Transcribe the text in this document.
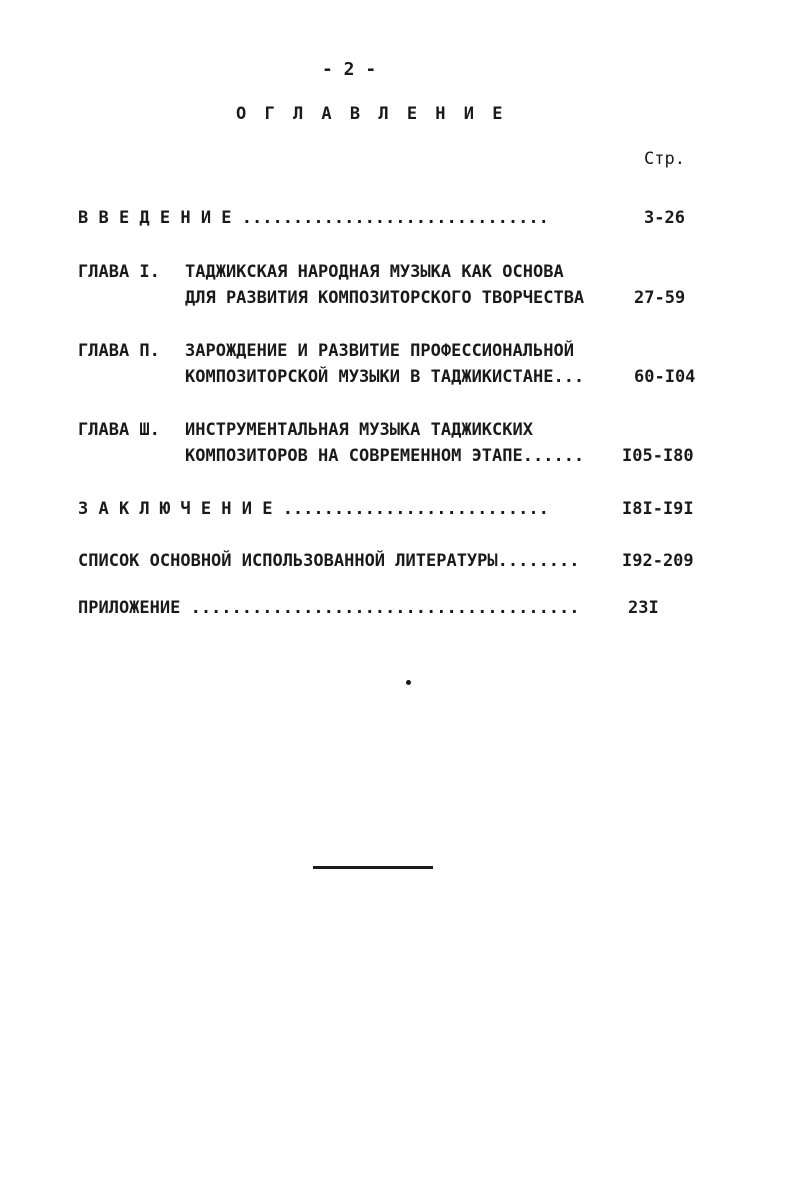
- 2 -
О Г Л А В Л Е Н И Е
Стр.
В В Е Д Е Н И Е ..............................	3-26
ГЛАВА I. ТАДЖИКСКАЯ НАРОДНАЯ МУЗЫКА КАК ОСНОВА
ДЛЯ РАЗВИТИЯ КОМПОЗИТОРСКОГО ТВОРЧЕСТВА	27-59
ГЛАВА П. ЗАРОЖДЕНИЕ И РАЗВИТИЕ ПРОФЕССИОНАЛЬНОЙ
КОМПОЗИТОРСКОЙ МУЗЫКИ В ТАДЖИКИСТАНЕ...	60-I04
ГЛАВА Ш. ИНСТРУМЕНТАЛЬНАЯ МУЗЫКА ТАДЖИКСКИХ
КОМПОЗИТОРОВ НА СОВРЕМЕННОМ ЭТАПЕ...... I05-I80
З А К Л Ю Ч Е Н И Е ..........................	I8I-I9I
СПИСОК ОСНОВНОЙ ИСПОЛЬЗОВАННОЙ ЛИТЕРАТУРЫ........ I92-209
ПРИЛОЖЕНИЕ ......................................	23I
